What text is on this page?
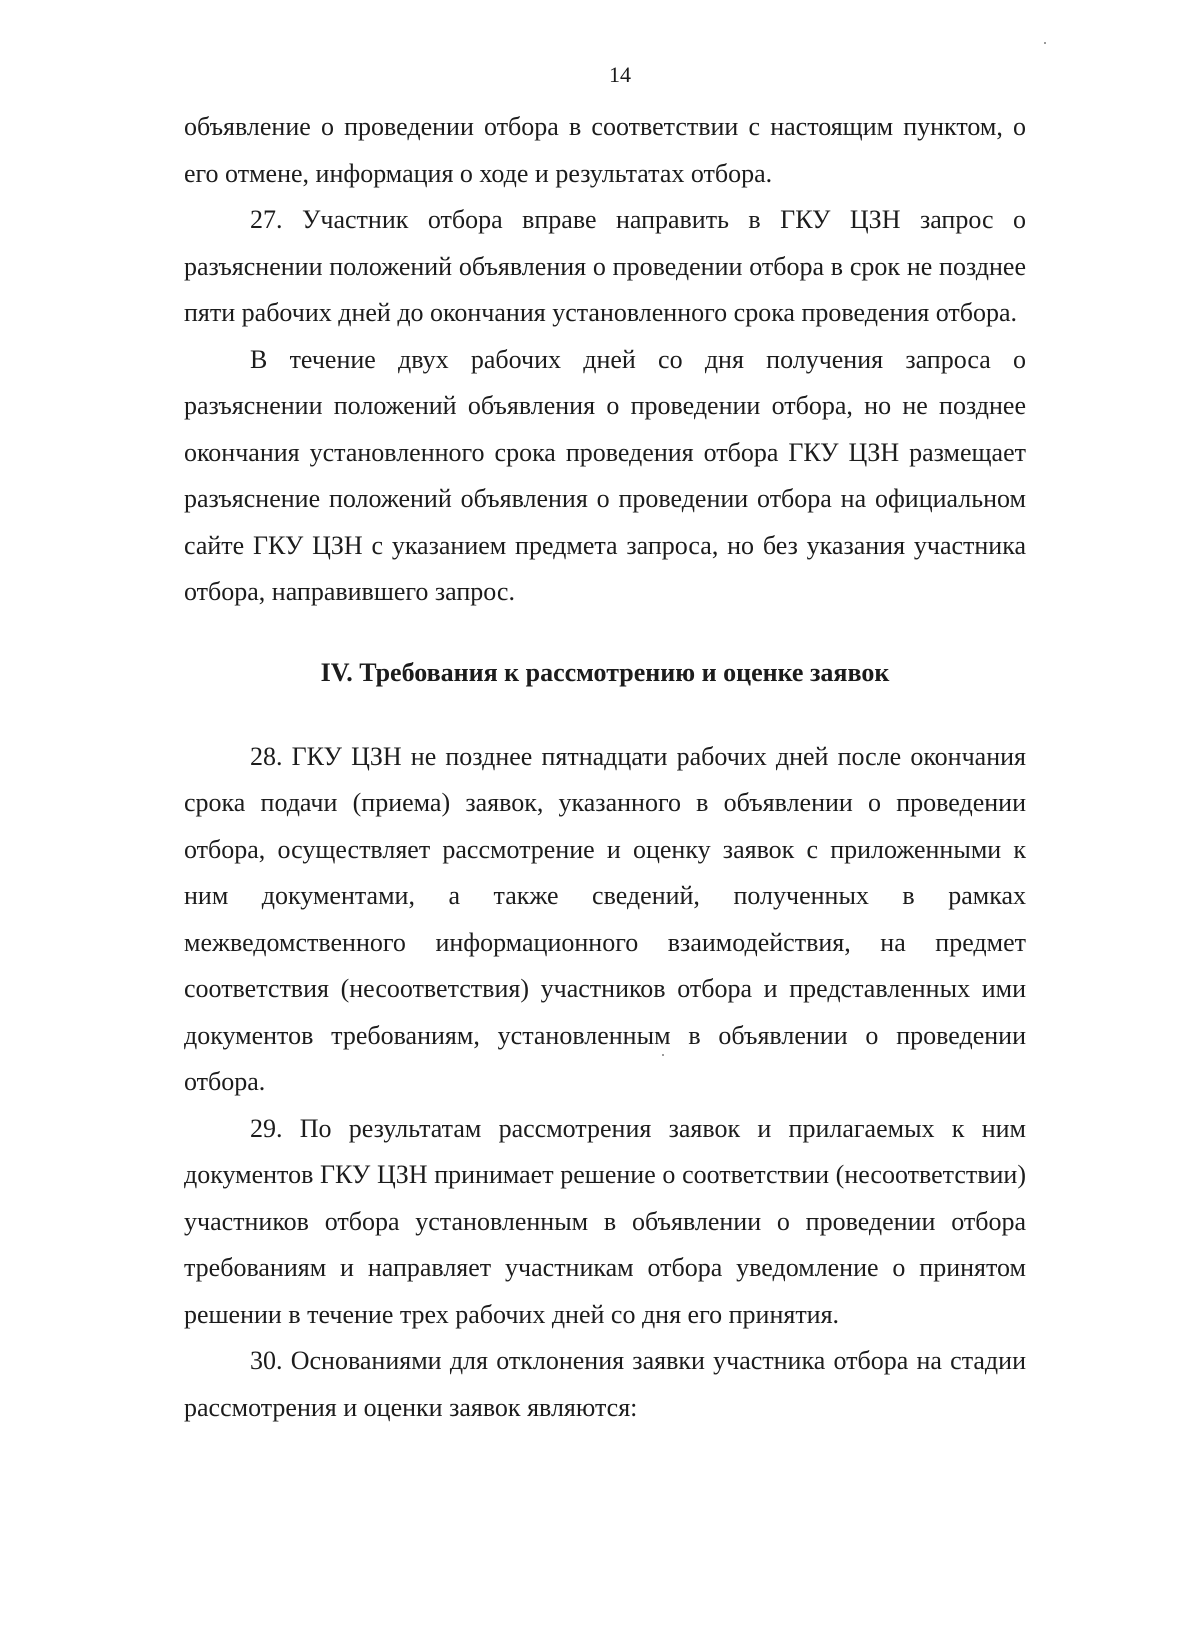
14

объявление о проведении отбора в соответствии с настоящим пунктом, о его отмене, информация о ходе и результатах отбора.

27. Участник отбора вправе направить в ГКУ ЦЗН запрос о разъяснении положений объявления о проведении отбора в срок не позднее пяти рабочих дней до окончания установленного срока проведения отбора.

В течение двух рабочих дней со дня получения запроса о разъяснении положений объявления о проведении отбора, но не позднее окончания установленного срока проведения отбора ГКУ ЦЗН размещает разъяснение положений объявления о проведении отбора на официальном сайте ГКУ ЦЗН с указанием предмета запроса, но без указания участника отбора, направившего запрос.

IV. Требования к рассмотрению и оценке заявок

28. ГКУ ЦЗН не позднее пятнадцати рабочих дней после окончания срока подачи (приема) заявок, указанного в объявлении о проведении отбора, осуществляет рассмотрение и оценку заявок с приложенными к ним документами, а также сведений, полученных в рамках межведомственного информационного взаимодействия, на предмет соответствия (несоответствия) участников отбора и представленных ими документов требованиям, установленным в объявлении о проведении отбора.

29. По результатам рассмотрения заявок и прилагаемых к ним документов ГКУ ЦЗН принимает решение о соответствии (несоответствии) участников отбора установленным в объявлении о проведении отбора требованиям и направляет участникам отбора уведомление о принятом решении в течение трех рабочих дней со дня его принятия.

30. Основаниями для отклонения заявки участника отбора на стадии рассмотрения и оценки заявок являются:
